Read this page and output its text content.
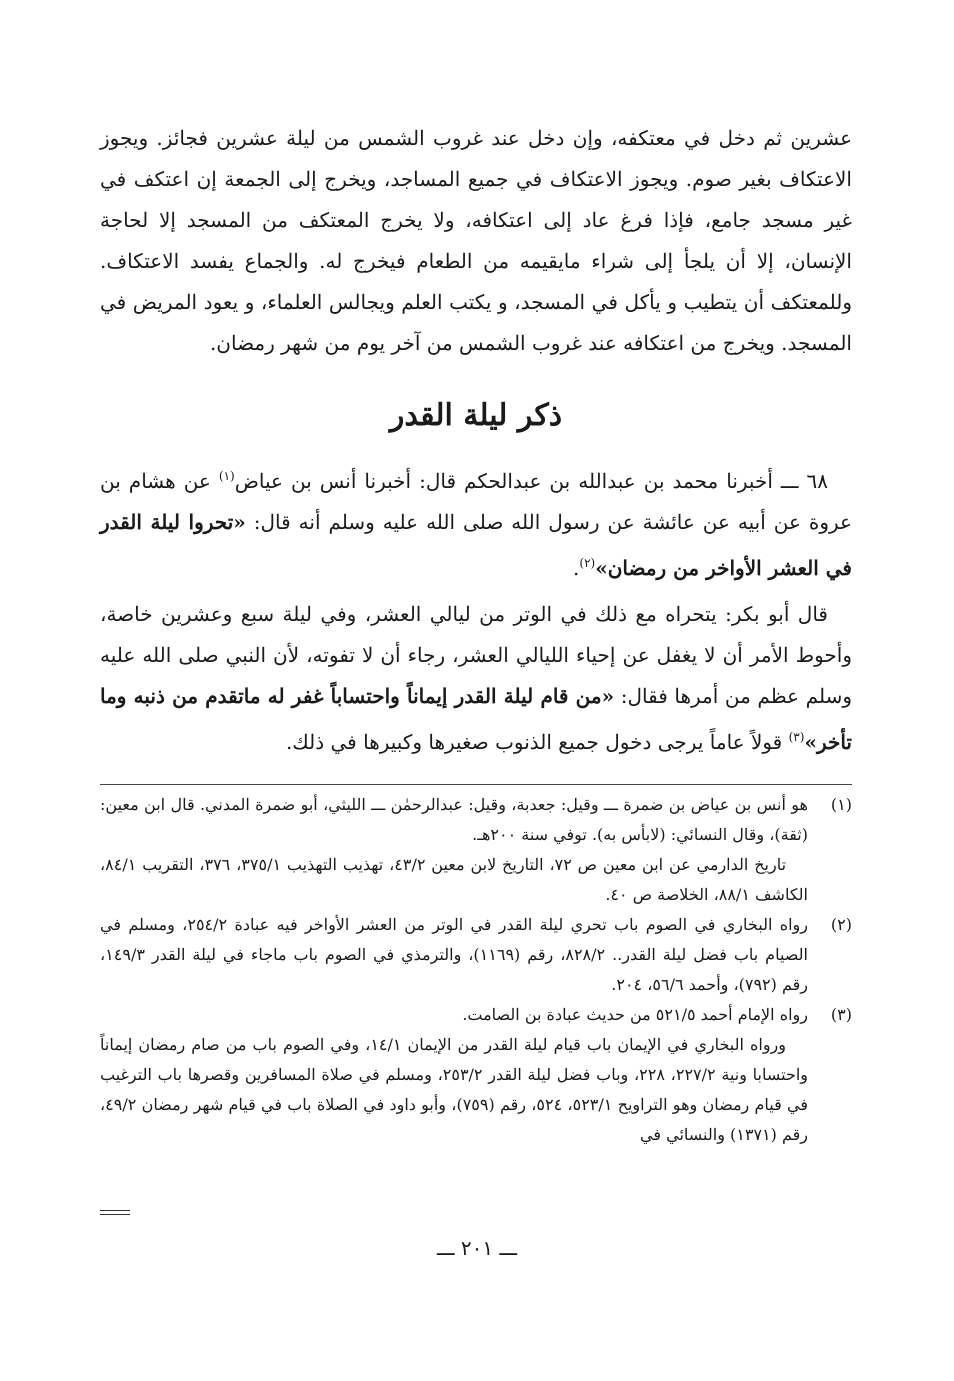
عشرين ثم دخل في معتكفه، وإن دخل عند غروب الشمس من ليلة عشرين فجائز. ويجوز الاعتكاف بغير صوم. ويجوز الاعتكاف في جميع المساجد، ويخرج إلى الجمعة إن اعتكف في غير مسجد جامع، فإذا فرغ عاد إلى اعتكافه، ولا يخرج المعتكف من المسجد إلا لحاجة الإنسان، إلا أن يلجأ إلى شراء مايقيمه من الطعام فيخرج له. والجماع يفسد الاعتكاف. وللمعتكف أن يتطيب و يأكل في المسجد، و يكتب العلم ويجالس العلماء، و يعود المريض في المسجد. ويخرج من اعتكافه عند غروب الشمس من آخر يوم من شهر رمضان.
ذكر ليلة القدر
٦٨ ـــ أخبرنا محمد بن عبدالله بن عبدالحكم قال: أخبرنا أنس بن عياض$^{(١)}$ عن هشام بن عروة عن أبيه عن عائشة عن رسول الله صلى الله عليه وسلم أنه قال: «تحروا ليلة القدر في العشر الأواخر من رمضان»$^{(٢)}$.
قال أبو بكر: يتحراه مع ذلك في الوتر من ليالي العشر، وفي ليلة سبع وعشرين خاصة، وأحوط الأمر أن لا يغفل عن إحياء الليالي العشر، رجاء أن لا تفوته، لأن النبي صلى الله عليه وسلم عظم من أمرها فقال: «من قام ليلة القدر إيماناً واحتساباً غفر له ماتقدم من ذنبه وما تأخر»$^{(٣)}$ قولاً عاماً يرجى دخول جميع الذنوب صغيرها وكبيرها في ذلك.
(١)
هو أنس بن عياض بن ضمرة ـــ وقيل: جعدبة، وقيل: عبدالرحمٰن ـــ الليثي، أبو ضمرة المدني. قال ابن معين: (ثقة)، وقال النسائي: (لابأس به). توفي سنة ٢٠٠هـ.
تاريخ الدارمي عن ابن معين ص ٧٢، التاريخ لابن معين ٤٣/٢، تهذيب التهذيب ٣٧٥/١، ٣٧٦، التقريب ٨٤/١، الكاشف ٨٨/١، الخلاصة ص ٤٠.
(٢)
رواه البخاري في الصوم باب تحري ليلة القدر في الوتر من العشر الأواخر فيه عبادة ٢٥٤/٢، ومسلم في الصيام باب فضل ليلة القدر.. ٨٢٨/٢، رقم (١١٦٩)، والترمذي في الصوم باب ماجاء في ليلة القدر ١٤٩/٣، رقم (٧٩٢)، وأحمد ٥٦/٦، ٢٠٤.
(٣)
رواه الإمام أحمد ٥٢١/٥ من حديث عبادة بن الصامت.
ورواه البخاري في الإيمان باب قيام ليلة القدر من الإيمان ١٤/١، وفي الصوم باب من صام رمضان إيماناً واحتسابا ونية ٢٢٧/٢، ٢٢٨، وباب فضل ليلة القدر ٢٥٣/٢، ومسلم في صلاة المسافرين وقصرها باب الترغيب في قيام رمضان وهو التراويح ٥٢٣/١، ٥٢٤، رقم (٧٥٩)، وأبو داود في الصلاة باب في قيام شهر رمضان ٤٩/٢، رقم (١٣٧١) والنسائي في
ـــ ٢٠١ ـــ
